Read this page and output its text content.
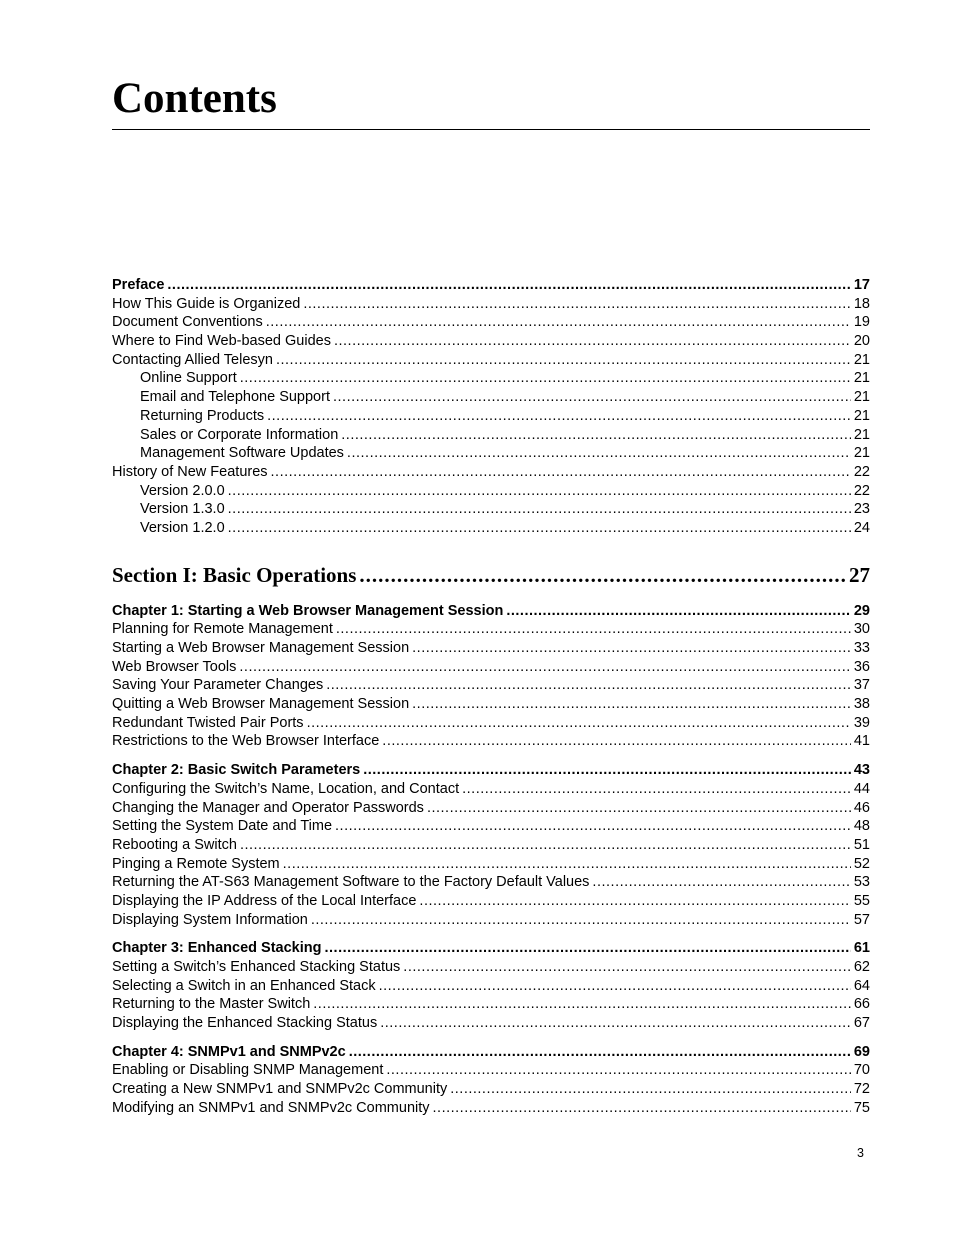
Contents
Preface .....	17
How This Guide is Organized .....	18
Document Conventions .....	19
Where to Find Web-based Guides .....	20
Contacting Allied Telesyn .....	21
Online Support .....	21
Email and Telephone Support .....	21
Returning Products .....	21
Sales or Corporate Information .....	21
Management Software Updates .....	21
History of New Features .....	22
Version 2.0.0 .....	22
Version 1.3.0 .....	23
Version 1.2.0 .....	24
Section I: Basic Operations .....	27
Chapter 1: Starting a Web Browser Management Session .....	29
Planning for Remote Management .....	30
Starting a Web Browser Management Session .....	33
Web Browser Tools .....	36
Saving Your Parameter Changes .....	37
Quitting a Web Browser Management Session .....	38
Redundant Twisted Pair Ports .....	39
Restrictions to the Web Browser Interface .....	41
Chapter 2: Basic Switch Parameters .....	43
Configuring the Switch’s Name, Location, and Contact .....	44
Changing the Manager and Operator Passwords .....	46
Setting the System Date and Time .....	48
Rebooting a Switch .....	51
Pinging a Remote System .....	52
Returning the AT-S63 Management Software to the Factory Default Values .....	53
Displaying the IP Address of the Local Interface .....	55
Displaying System Information .....	57
Chapter 3: Enhanced Stacking .....	61
Setting a Switch’s Enhanced Stacking Status .....	62
Selecting a Switch in an Enhanced Stack .....	64
Returning to the Master Switch .....	66
Displaying the Enhanced Stacking Status .....	67
Chapter 4: SNMPv1 and SNMPv2c .....	69
Enabling or Disabling SNMP Management .....	70
Creating a New SNMPv1 and SNMPv2c Community .....	72
Modifying an SNMPv1 and SNMPv2c Community .....	75
3
